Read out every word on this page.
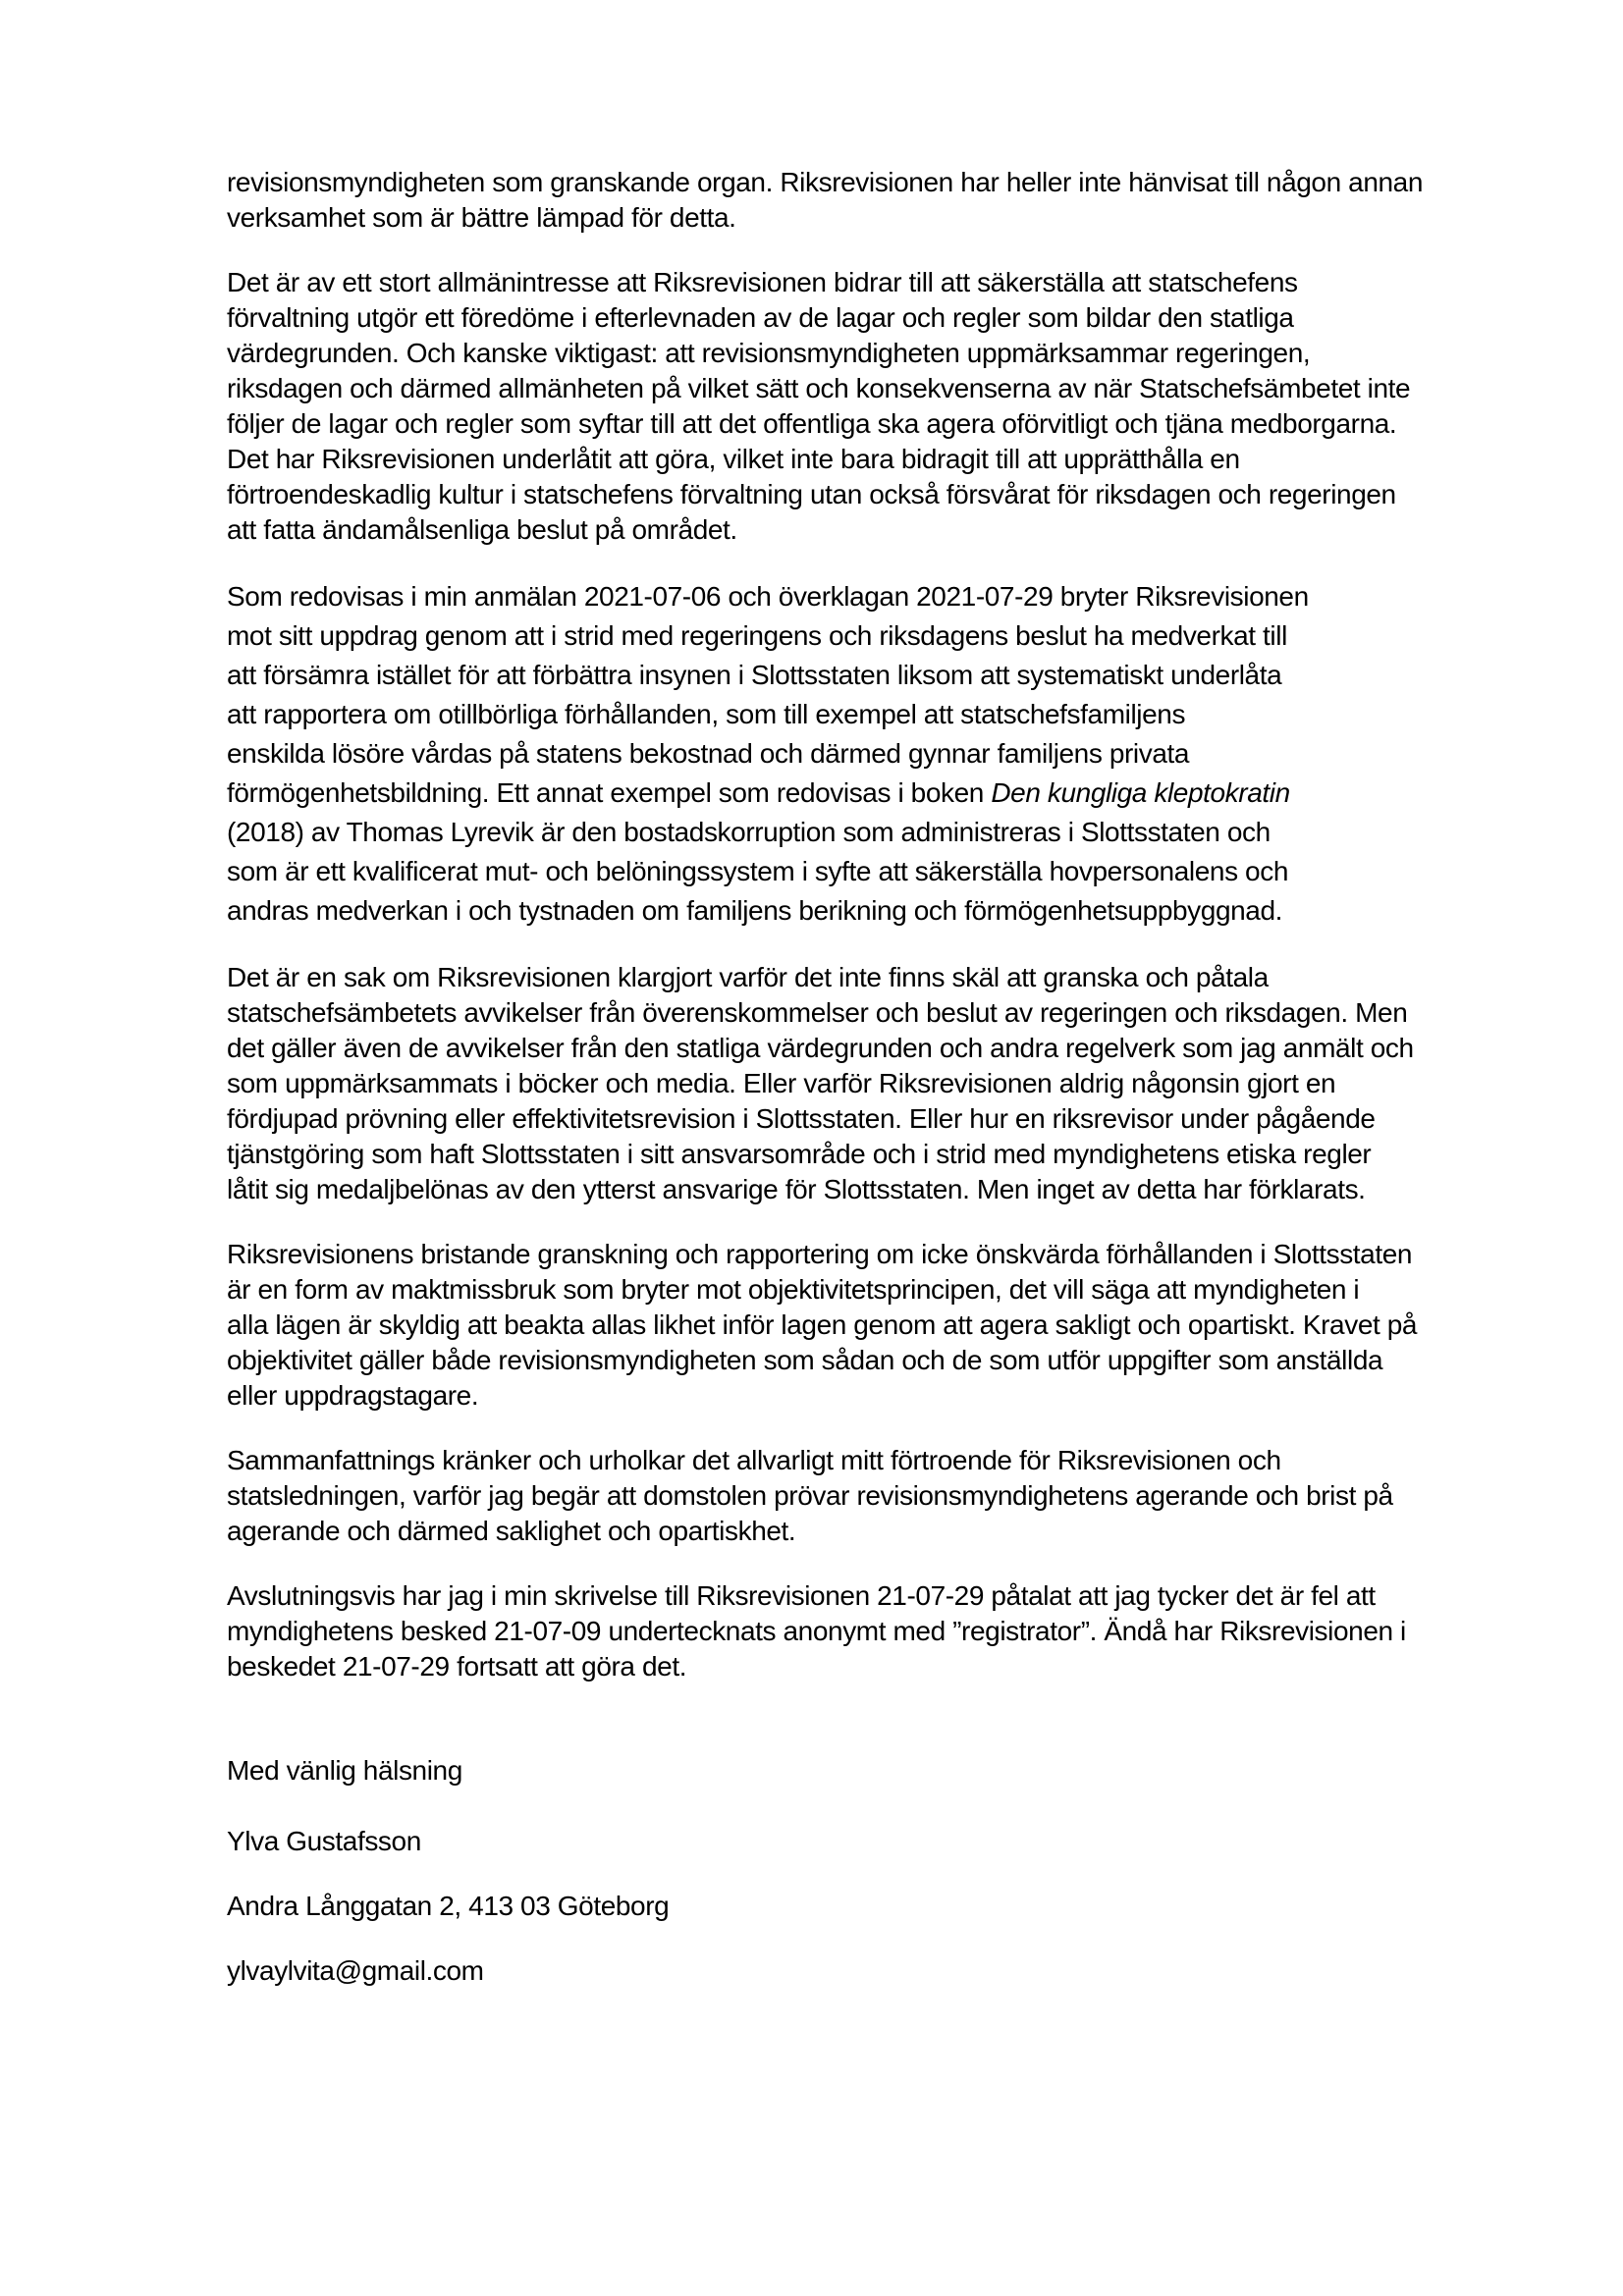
revisionsmyndigheten som granskande organ. Riksrevisionen har heller inte hänvisat till någon annan
verksamhet som är bättre lämpad för detta.

Det är av ett stort allmänintresse att Riksrevisionen bidrar till att säkerställa att statschefens
förvaltning utgör ett föredöme i efterlevnaden av de lagar och regler som bildar den statliga
värdegrunden. Och kanske viktigast: att revisionsmyndigheten uppmärksammar regeringen,
riksdagen och därmed allmänheten på vilket sätt och konsekvenserna av när Statschefsämbetet inte
följer de lagar och regler som syftar till att det offentliga ska agera oförvitligt och tjäna medborgarna.
Det har Riksrevisionen underlåtit att göra, vilket inte bara bidragit till att upprätthålla en
förtroendeskadlig kultur i statschefens förvaltning utan också försvårat för riksdagen och regeringen
att fatta ändamålsenliga beslut på området.

Som redovisas i min anmälan 2021-07-06 och överklagan 2021-07-29 bryter Riksrevisionen
mot sitt uppdrag genom att i strid med regeringens och riksdagens beslut ha medverkat till
att försämra istället för att förbättra insynen i Slottsstaten liksom att systematiskt underlåta
att rapportera om otillbörliga förhållanden, som till exempel att statschefsfamiljens
enskilda lösöre vårdas på statens bekostnad och därmed gynnar familjens privata
förmögenhetsbildning. Ett annat exempel som redovisas i boken Den kungliga kleptokratin
(2018) av Thomas Lyrevik är den bostadskorruption som administreras i Slottsstaten och
som är ett kvalificerat mut- och belöningssystem i syfte att säkerställa hovpersonalens och
andras medverkan i och tystnaden om familjens berikning och förmögenhetsuppbyggnad.

Det är en sak om Riksrevisionen klargjort varför det inte finns skäl att granska och påtala
statschefsämbetets avvikelser från överenskommelser och beslut av regeringen och riksdagen. Men
det gäller även de avvikelser från den statliga värdegrunden och andra regelverk som jag anmält och
som uppmärksammats i böcker och media. Eller varför Riksrevisionen aldrig någonsin gjort en
fördjupad prövning eller effektivitetsrevision i Slottsstaten. Eller hur en riksrevisor under pågående
tjänstgöring som haft Slottsstaten i sitt ansvarsområde och i strid med myndighetens etiska regler
låtit sig medaljbelönas av den ytterst ansvarige för Slottsstaten. Men inget av detta har förklarats.

Riksrevisionens bristande granskning och rapportering om icke önskvärda förhållanden i Slottsstaten
är en form av maktmissbruk som bryter mot objektivitetsprincipen, det vill säga att myndigheten i
alla lägen är skyldig att beakta allas likhet inför lagen genom att agera sakligt och opartiskt. Kravet på
objektivitet gäller både revisionsmyndigheten som sådan och de som utför uppgifter som anställda
eller uppdragstagare.

Sammanfattnings kränker och urholkar det allvarligt mitt förtroende för Riksrevisionen och
statsledningen, varför jag begär att domstolen prövar revisionsmyndighetens agerande och brist på
agerande och därmed saklighet och opartiskhet.

Avslutningsvis har jag i min skrivelse till Riksrevisionen 21-07-29 påtalat att jag tycker det är fel att
myndighetens besked 21-07-09 undertecknats anonymt med ”registrator”. Ändå har Riksrevisionen i
beskedet 21-07-29 fortsatt att göra det.

Med vänlig hälsning

Ylva Gustafsson

Andra Långgatan 2, 413 03 Göteborg

ylvaylvita@gmail.com
